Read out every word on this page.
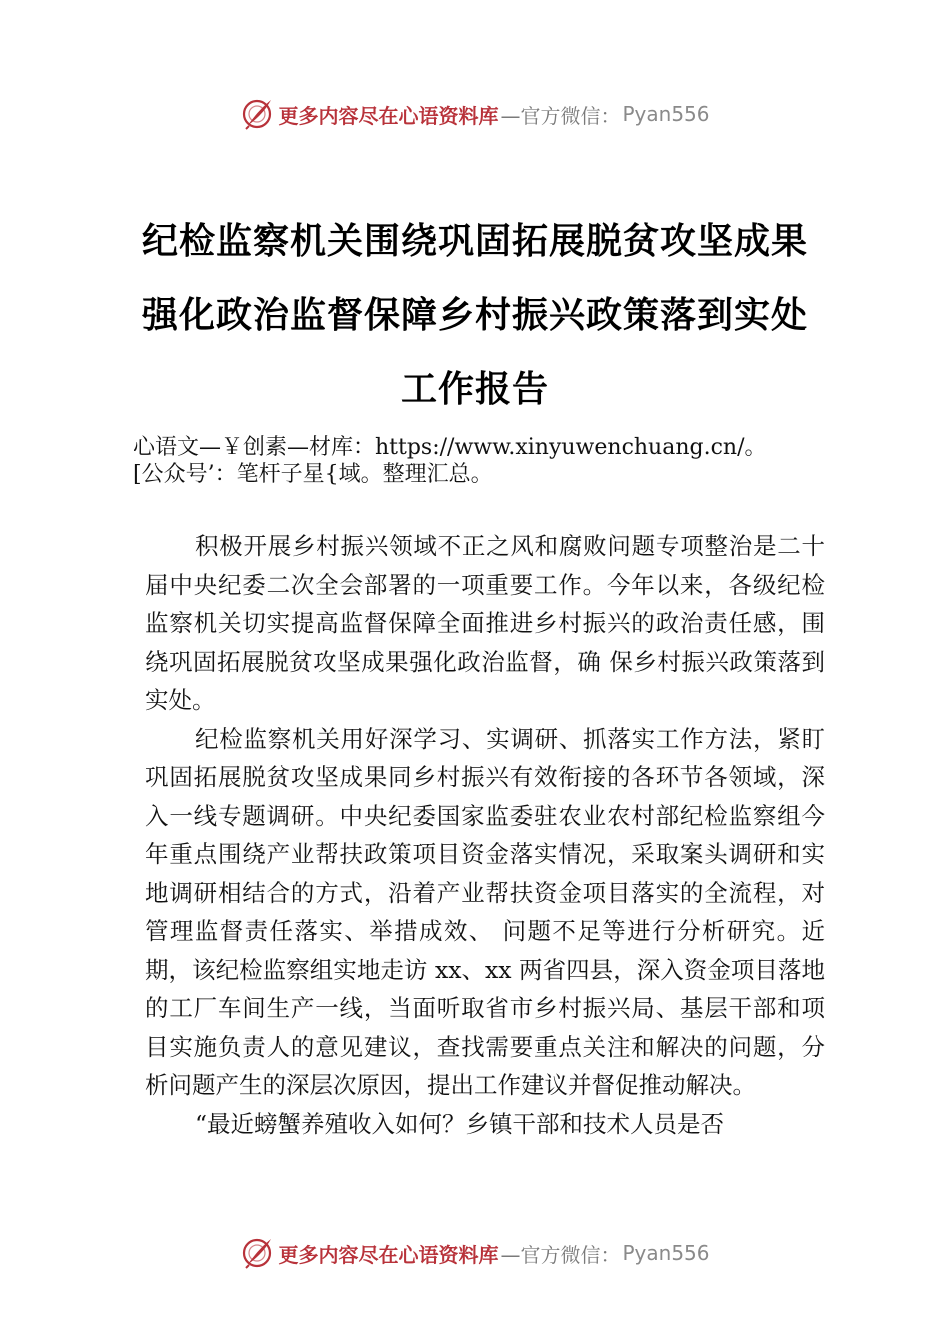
更多内容尽在心语资料库 —官方微信： Pyan556
纪检监察机关围绕巩固拓展脱贫攻坚成果
强化政治监督保障乡村振兴政策落到实处
工作报告
心语文—￥创素—材库：https://www.xinyuwenchuang.cn/。
[公众号’：笔杆子星{域。整理汇总。

积极开展乡村振兴领域不正之风和腐败问题专项整治是二十届中央纪委二次全会部署的一项重要工作。今年以来，各级纪检监察机关切实提高监督保障全面推进乡村振兴的政治责任感，围绕巩固拓展脱贫攻坚成果强化政治监督，确 保乡村振兴政策落到实处。

纪检监察机关用好深学习、实调研、抓落实工作方法，紧盯巩固拓展脱贫攻坚成果同乡村振兴有效衔接的各环节各领域，深入一线专题调研。中央纪委国家监委驻农业农村部纪检监察组今年重点围绕产业帮扶政策项目资金落实情况，采取案头调研和实地调研相结合的方式，沿着产业帮扶资金项目落实的全流程，对管理监督责任落实、举措成效、 问题不足等进行分析研究。近期，该纪检监察组实地走访 xx、xx 两省四县，深入资金项目落地的工厂车间生产一线，当面听取省市乡村振兴局、基层干部和项目实施负责人的意见建议，查找需要重点关注和解决的问题，分析问题产生的深层次原因，提出工作建议并督促推动解决。

“最近螃蟹养殖收入如何？乡镇干部和技术人员是否

更多内容尽在心语资料库 —官方微信： Pyan556
